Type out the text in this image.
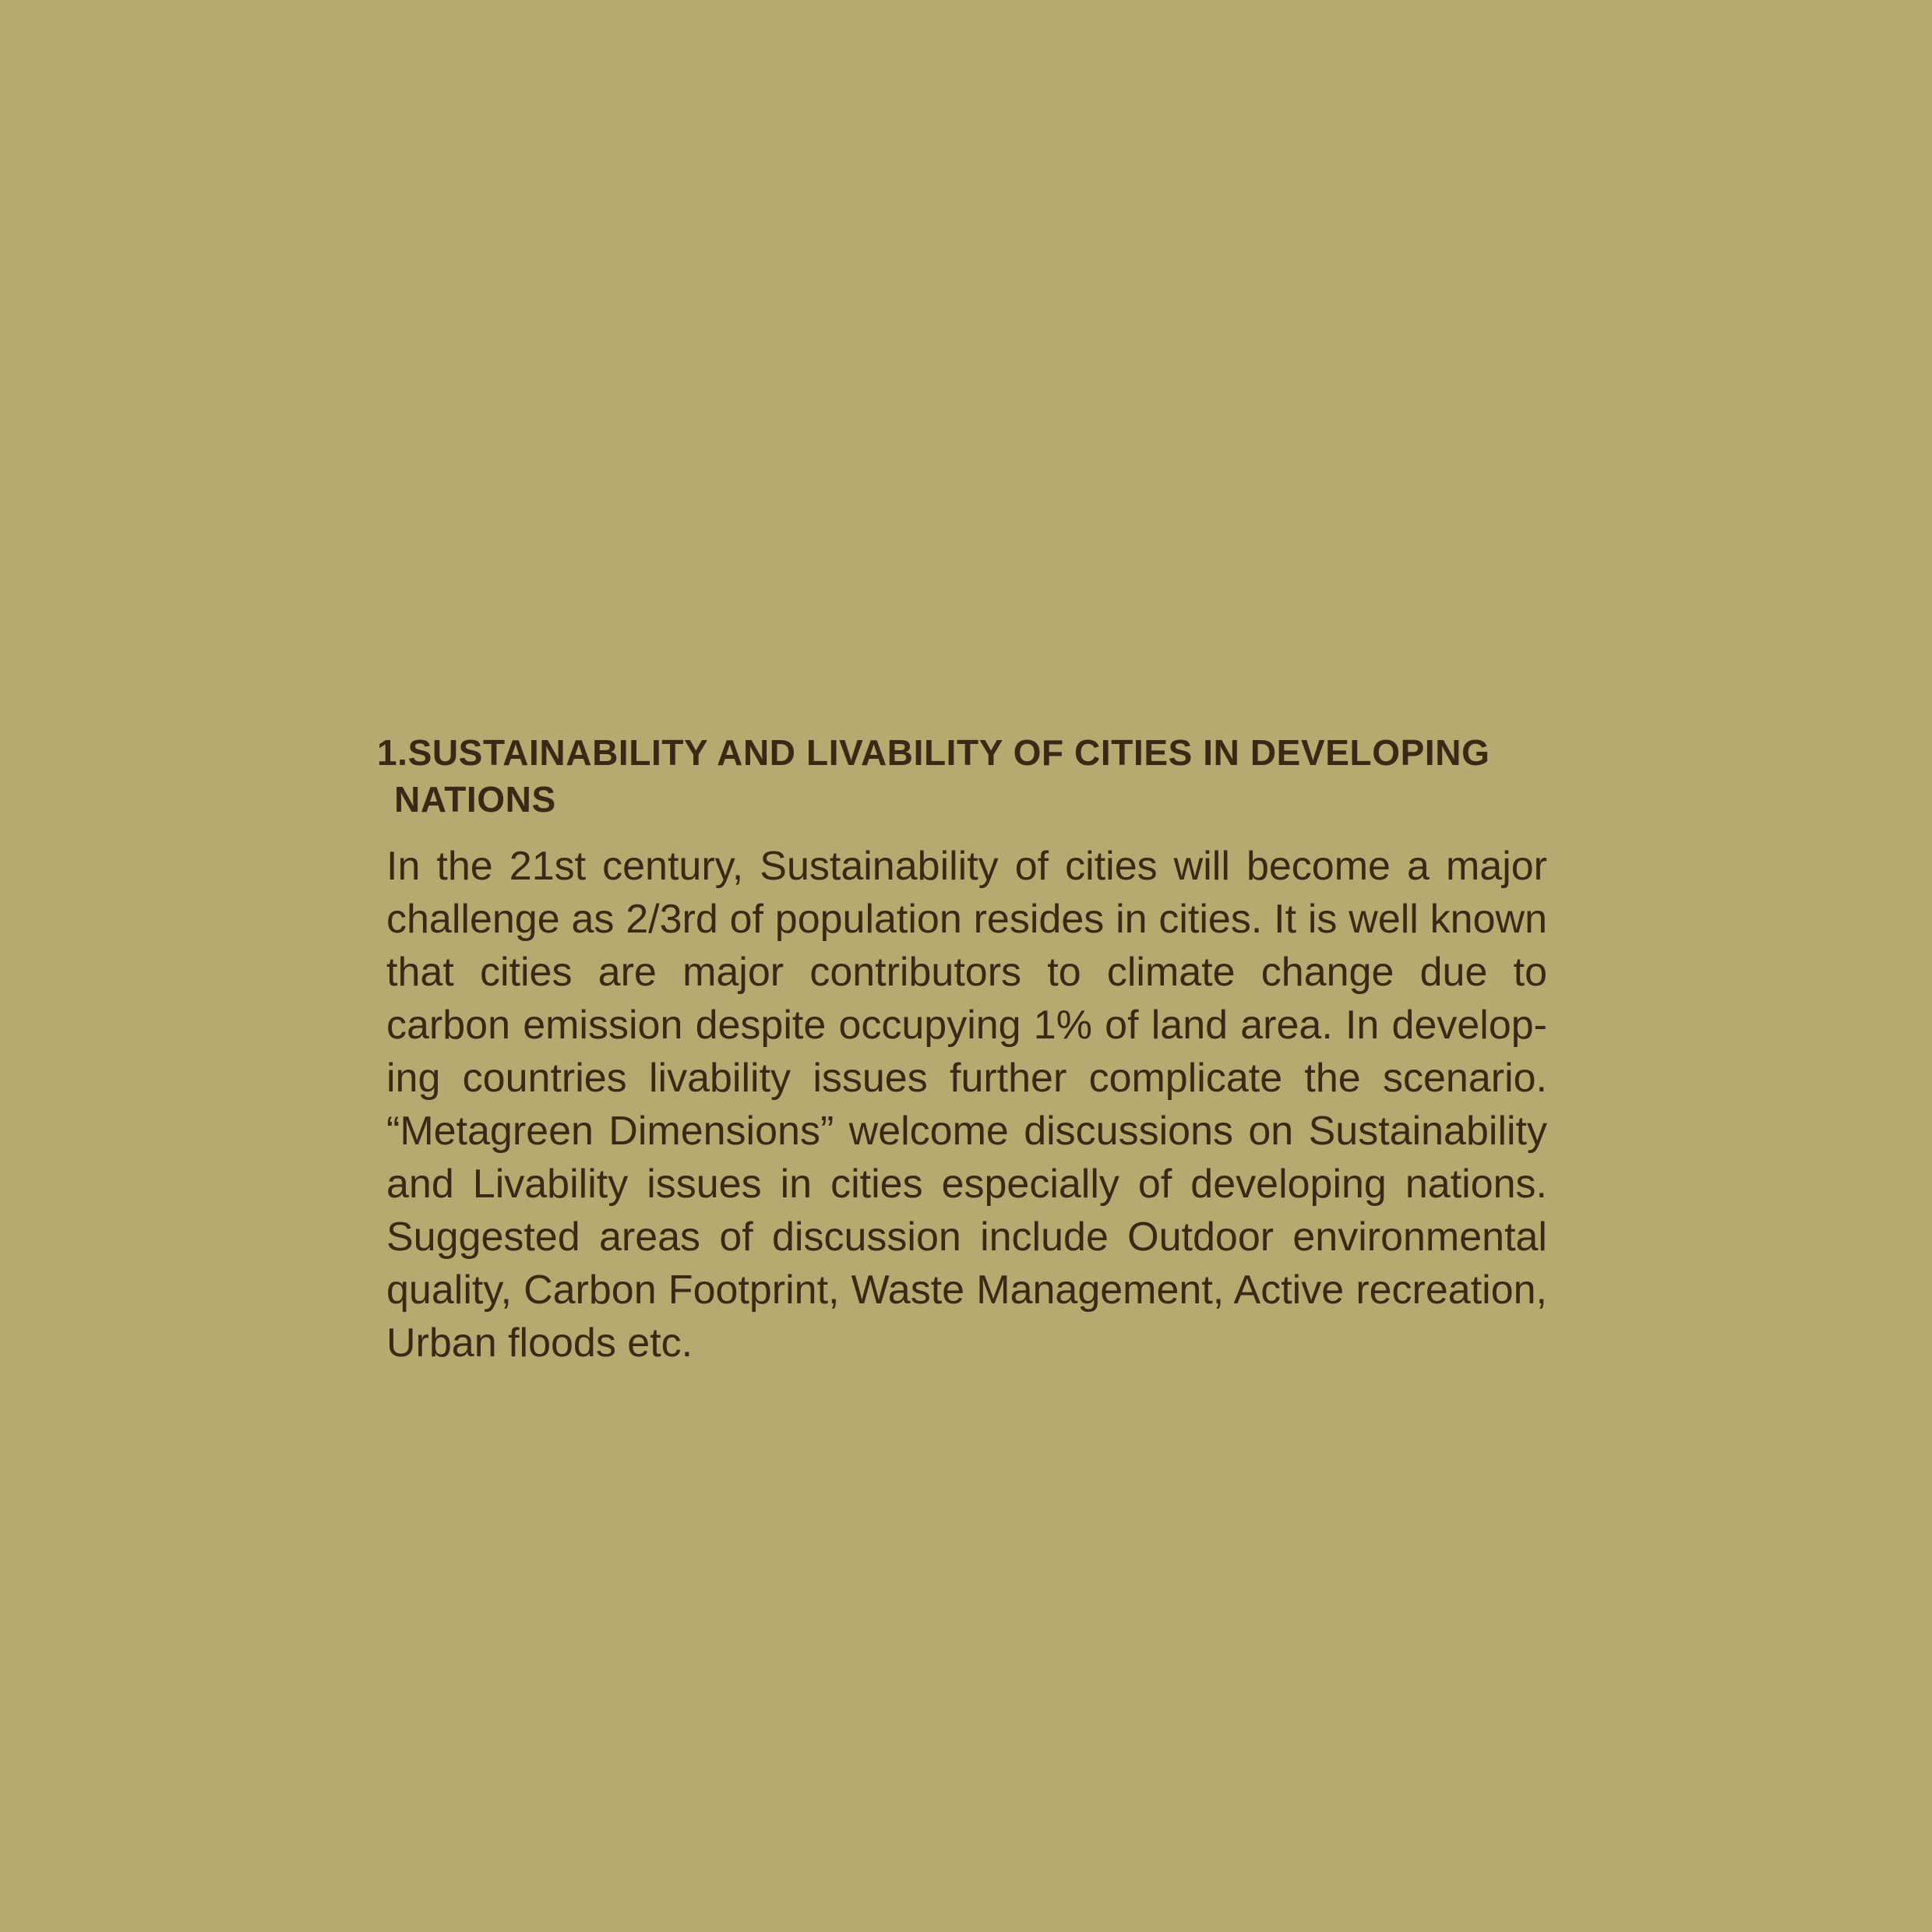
1.SUSTAINABILITY AND LIVABILITY OF CITIES IN DEVELOPING
NATIONS

In the 21st century, Sustainability of cities will become a major challenge as 2/3rd of population resides in cities. It is well known that cities are major contributors to climate change due to carbon emission despite occupying 1% of land area. In develop-ing countries livability issues further complicate the scenario. “Metagreen Dimensions” welcome discussions on Sustainability and Livability issues in cities especially of developing nations. Suggested areas of discussion include Outdoor environmental quality, Carbon Footprint, Waste Management, Active recreation, Urban floods etc.
